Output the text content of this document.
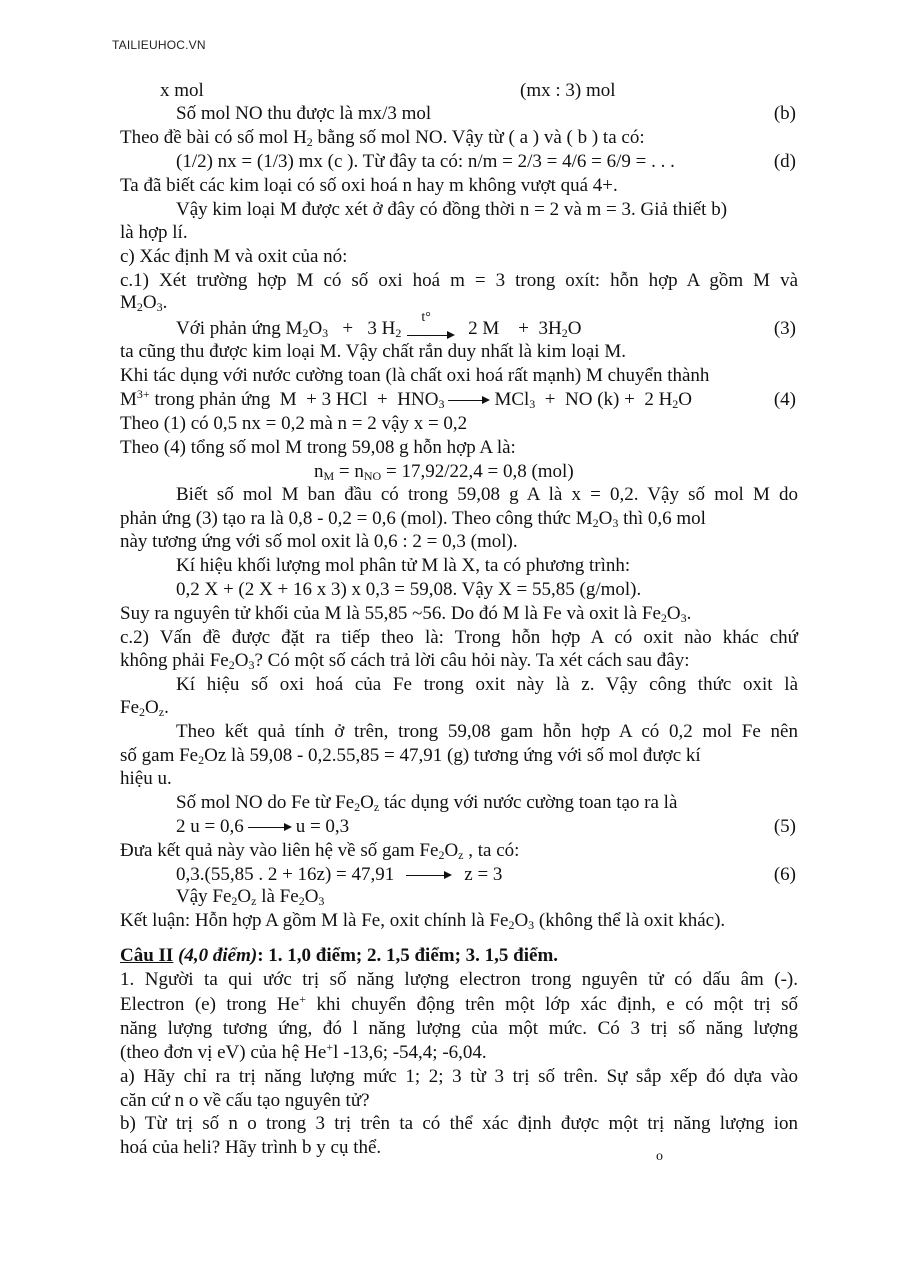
TAILIEUHOC.VN
x mol	(mx : 3) mol
Số mol NO thu được là mx/3 mol	(b)
Theo đề bài có số mol $H_2$ bằng số mol NO. Vậy từ ( a ) và ( b ) ta có:
(1/2) nx = (1/3) mx (c ). Từ đây ta có: n/m = 2/3 = 4/6 = 6/9 = . . .	(d)
Ta đã biết các kim loại có số oxi hoá n hay m không vượt quá 4+.
Vậy kim loại M được xét ở đây có đồng thời n = 2 và m = 3. Giả thiết b)
là hợp lí.
c) Xác định M và oxit của nó:
c.1) Xét trường hợp M có số oxi hoá m = 3 trong oxít: hỗn hợp A gồm M và
$M_2O_3$.
Với phản ứng $M_2O_3 + 3$ $H_2$
t°
2 M    +  $3H_2O$	(3)
ta cũng thu được kim loại M. Vậy chất rắn duy nhất là kim loại M.
Khi tác dụng với nước cường toan (là chất oxi hoá rất mạnh) M chuyển thành
$M^{3+}$ trong phản ứng  M  + 3 HCl  +  $HNO_3$	MCl$_3$  +  NO (k) +  2 $H_2O$	(4)
Theo (1) có 0,5 nx = 0,2 mà n = 2 vậy x = 0,2
Theo (4) tổng số mol M trong 59,08 g hỗn hợp A là:
$n_M = n_{NO} = 17,92/22,4 = 0,8$ (mol)
Biết số mol M ban đầu có trong 59,08 g A là x = 0,2. Vậy số mol M do
phản ứng (3) tạo ra là 0,8 - 0,2 = 0,6 (mol). Theo công thức $M_2O_3$ thì 0,6 mol
này tương ứng với số mol oxit là 0,6 : 2 = 0,3 (mol).
Kí hiệu khối lượng mol phân tử M là X, ta có phương trình:
0,2 X + (2 X + 16 x 3) x 0,3 = 59,08. Vậy X = 55,85 (g/mol).
Suy ra nguyên tử khối của M là 55,85 ~56. Do đó M là Fe và oxit là $Fe_2O_3$.
c.2) Vấn đề được đặt ra tiếp theo là: Trong hỗn hợp A có oxit nào khác chứ
không phải $Fe_2O_3$? Có một số cách trả lời câu hỏi này. Ta xét cách sau đây:
Kí hiệu số oxi hoá của Fe trong oxit này là z. Vậy công thức oxit là
$Fe_2O_z$.
Theo kết quả tính ở trên, trong 59,08 gam hỗn hợp A có 0,2 mol Fe nên
số gam $Fe_2Oz$ là 59,08 - 0,2.55,85 = 47,91 (g) tương ứng với số mol được kí
hiệu u.
Số mol NO do Fe từ $Fe_2O_z$ tác dụng với nước cường toan tạo ra là
2 u = 0,6	u = 0,3	(5)
Đưa kết quả này vào liên hệ về số gam $Fe_2O_z$ , ta có:
0,3.(55,85 . 2 + 16z) = 47,91	z = 3	(6)
Vậy $Fe_2O_z$ là $Fe_2O_3$
Kết luận: Hỗn hợp A gồm M là Fe, oxit chính là $Fe_2O_3$ (không thể là oxit khác).
Câu II (4,0 điểm): 1. 1,0 điểm; 2. 1,5 điểm; 3. 1,5 điểm.
1. Người ta qui ước trị số năng lượng electron trong nguyên tử có dấu âm (-).
Electron (e) trong He+ khi chuyển động trên một lớp xác định, e có một trị số
năng lượng tương ứng, đó l năng lượng của một mức. Có 3 trị số năng lượng
(theo đơn vị eV) của hệ He+l -13,6; -54,4; -6,04.
a) Hãy chỉ ra trị năng lượng mức 1; 2; 3 từ 3 trị số trên. Sự sắp xếp đó dựa vào
căn cứ n o về cấu tạo nguyên tử?
b) Từ trị số n o trong 3 trị trên ta có thể xác định được một trị năng lượng ion
hoá của heli? Hãy trình b y cụ thể.	o
